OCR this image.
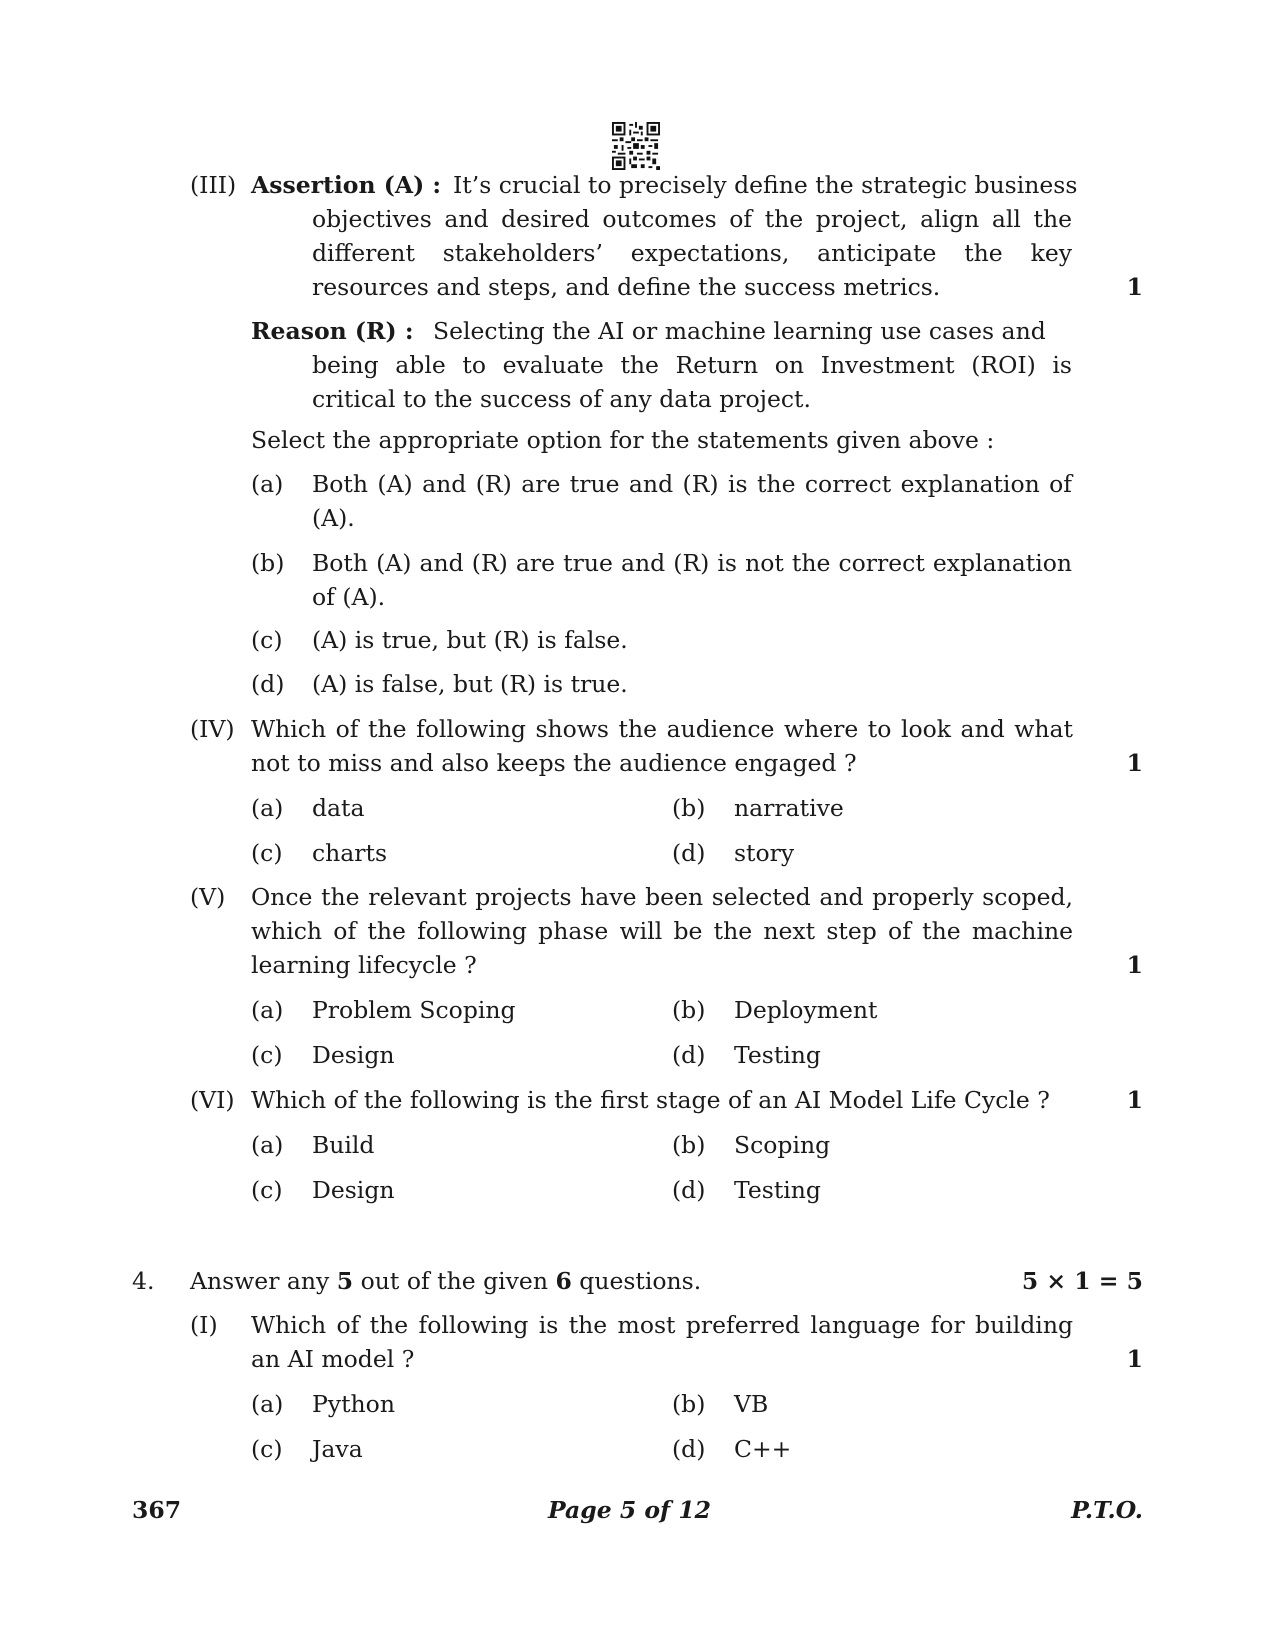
(III) Assertion (A) : It’s crucial to precisely define the strategic business
objectives and desired outcomes of the project, align all the different stakeholders’ expectations, anticipate the key resources and steps, and define the success metrics.	1
Reason (R) : Selecting the AI or machine learning use cases and
being able to evaluate the Return on Investment (ROI) is critical to the success of any data project.
Select the appropriate option for the statements given above :
(a) Both (A) and (R) are true and (R) is the correct explanation of (A).
(b) Both (A) and (R) are true and (R) is not the correct explanation of (A).
(c) (A) is true, but (R) is false.
(d) (A) is false, but (R) is true.
(IV) Which of the following shows the audience where to look and what not to miss and also keeps the audience engaged ?	1
(a) data	(b) narrative
(c) charts	(d) story
(V) Once the relevant projects have been selected and properly scoped, which of the following phase will be the next step of the machine learning lifecycle ?	1
(a) Problem Scoping	(b) Deployment
(c) Design	(d) Testing
(VI) Which of the following is the first stage of an AI Model Life Cycle ?	1
(a) Build	(b) Scoping
(c) Design	(d) Testing
4. Answer any 5 out of the given 6 questions.	5 × 1 = 5
(I) Which of the following is the most preferred language for building an AI model ?	1
(a) Python	(b) VB
(c) Java	(d) C++
367	Page 5 of 12	P.T.O.
